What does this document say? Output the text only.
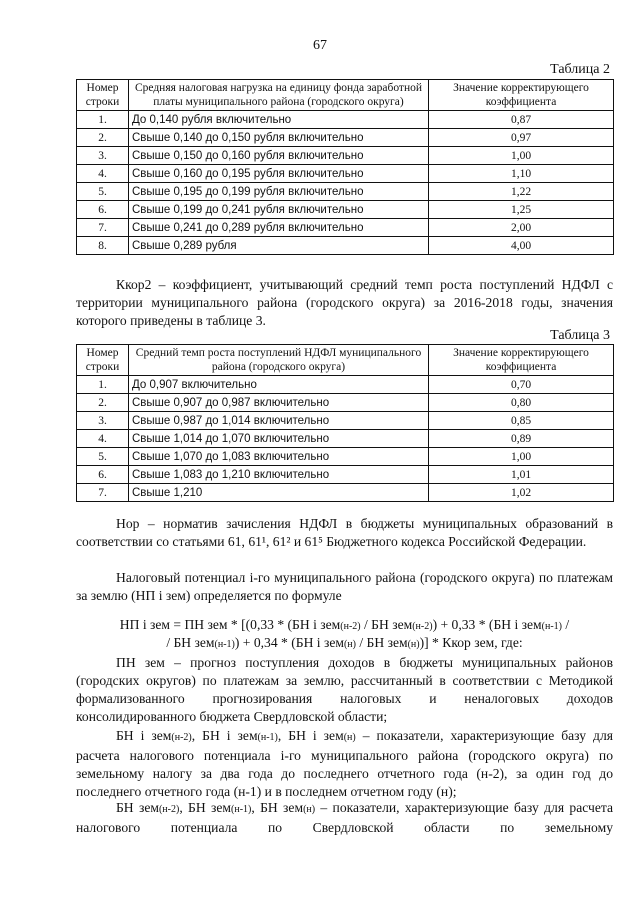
67
Таблица 2
Номер строки	Средняя налоговая нагрузка на единицу фонда заработной платы муниципального района (городского округа)	Значение корректирующего коэффициента
1.	До 0,140 рубля включительно	0,87
2.	Свыше 0,140 до 0,150 рубля включительно	0,97
3.	Свыше 0,150 до 0,160 рубля включительно	1,00
4.	Свыше 0,160 до 0,195 рубля включительно	1,10
5.	Свыше 0,195 до 0,199 рубля включительно	1,22
6.	Свыше 0,199 до 0,241 рубля включительно	1,25
7.	Свыше 0,241 до 0,289 рубля включительно	2,00
8.	Свыше 0,289 рубля	4,00
Ккор2 – коэффициент, учитывающий средний темп роста поступлений НДФЛ с территории муниципального района (городского округа) за 2016-2018 годы, значения которого приведены в таблице 3.
Таблица 3
Номер строки	Средний темп роста поступлений НДФЛ муниципального района (городского округа)	Значение корректирующего коэффициента
1.	До 0,907 включительно	0,70
2.	Свыше 0,907 до 0,987 включительно	0,80
3.	Свыше 0,987 до 1,014 включительно	0,85
4.	Свыше 1,014 до 1,070 включительно	0,89
5.	Свыше 1,070 до 1,083 включительно	1,00
6.	Свыше 1,083 до 1,210 включительно	1,01
7.	Свыше 1,210	1,02
Нор – норматив зачисления НДФЛ в бюджеты муниципальных образований в соответствии со статьями 61, 61¹, 61² и 61⁵ Бюджетного кодекса Российской Федерации.
Налоговый потенциал i-го муниципального района (городского округа) по платежам за землю (НП i зем) определяется по формуле
НП i зем = ПН зем * [(0,33 * (БН i зем(н-2) / БН зем(н-2)) + 0,33 * (БН i зем(н-1) /
/ БН зем(н-1)) + 0,34 * (БН i зем(н) / БН зем(н))] * Ккор зем, где:
ПН зем – прогноз поступления доходов в бюджеты муниципальных районов (городских округов) по платежам за землю, рассчитанный в соответствии с Методикой формализованного прогнозирования налоговых и неналоговых доходов консолидированного бюджета Свердловской области;
БН i зем(н-2), БН i зем(н-1), БН i зем(н) – показатели, характеризующие базу для расчета налогового потенциала i-го муниципального района (городского округа) по земельному налогу за два года до последнего отчетного года (н-2), за один год до последнего отчетного года (н-1) и в последнем отчетном году (н);
БН зем(н-2), БН зем(н-1), БН зем(н) – показатели, характеризующие базу для расчета налогового потенциала по Свердловской области по земельному
